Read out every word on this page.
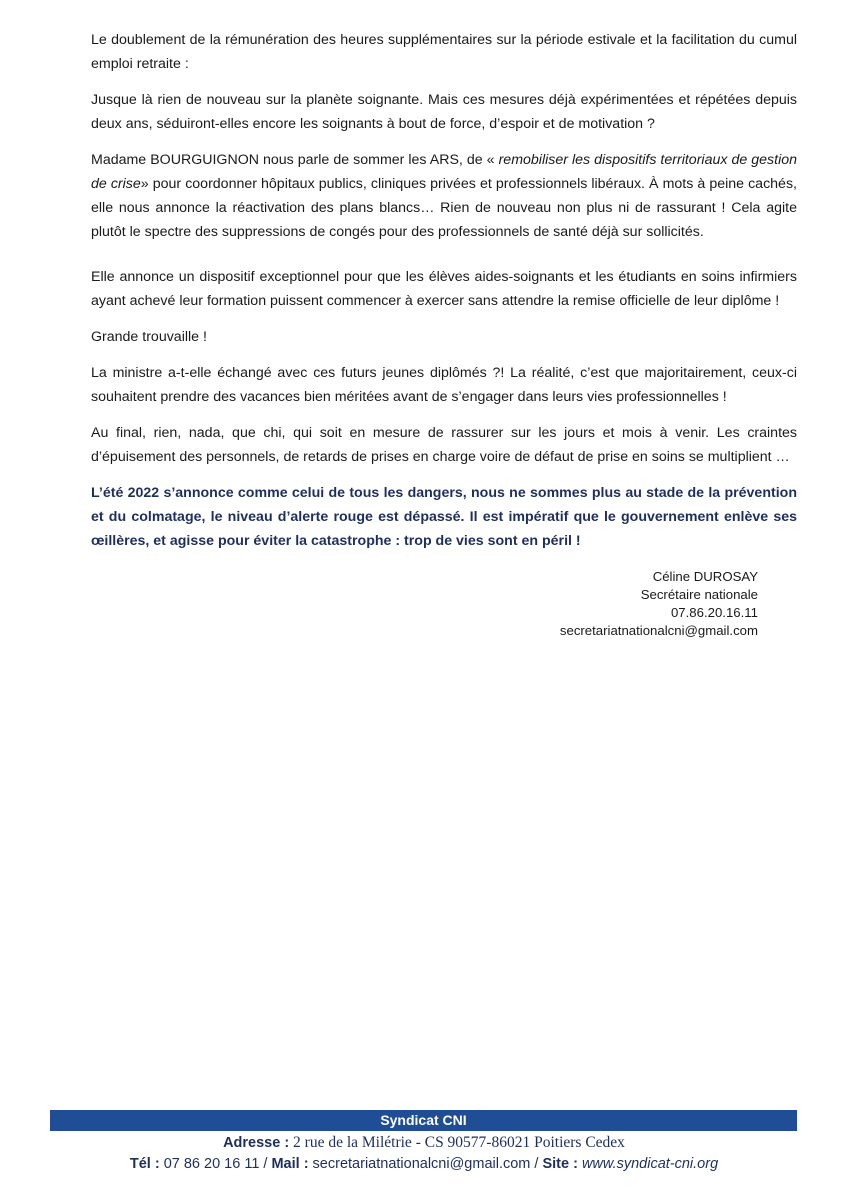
Le doublement de la rémunération des heures supplémentaires sur la période estivale et la facilitation du cumul emploi retraite :

Jusque là rien de nouveau sur la planète soignante. Mais ces mesures déjà expérimentées et répétées depuis deux ans, séduiront-elles encore les soignants à bout de force, d’espoir et de motivation ?

Madame BOURGUIGNON nous parle de sommer les ARS, de « remobiliser les dispositifs territoriaux de gestion de crise» pour coordonner hôpitaux publics, cliniques privées et professionnels libéraux. À mots à peine cachés, elle nous annonce la réactivation des plans blancs… Rien de nouveau non plus ni de rassurant ! Cela agite plutôt le spectre des suppressions de congés pour des professionnels de santé déjà sur sollicités.

Elle annonce un dispositif exceptionnel pour que les élèves aides-soignants et les étudiants en soins infirmiers ayant achevé leur formation puissent commencer à exercer sans attendre la remise officielle de leur diplôme !

Grande trouvaille !

La ministre a-t-elle échangé avec ces futurs jeunes diplômés ?! La réalité, c’est que majoritairement, ceux-ci souhaitent prendre des vacances bien méritées avant de s’engager dans leurs vies professionnelles !

Au final, rien, nada, que chi, qui soit en mesure de rassurer sur les jours et mois à venir. Les craintes d’épuisement des personnels, de retards de prises en charge voire de défaut de prise en soins se multiplient …

L’été 2022 s’annonce comme celui de tous les dangers, nous ne sommes plus au stade de la prévention et du colmatage, le niveau d’alerte rouge est dépassé. Il est impératif que le gouvernement enlève ses œillères, et agisse pour éviter la catastrophe : trop de vies sont en péril !

Céline DUROSAY
Secrétaire nationale
07.86.20.16.11
secretariatnationalcni@gmail.com
Syndicat CNI
Adresse : 2 rue de la Milétrie - CS 90577-86021 Poitiers Cedex
Tél : 07 86 20 16 11 / Mail : secretariatnationalcni@gmail.com / Site : www.syndicat-cni.org
